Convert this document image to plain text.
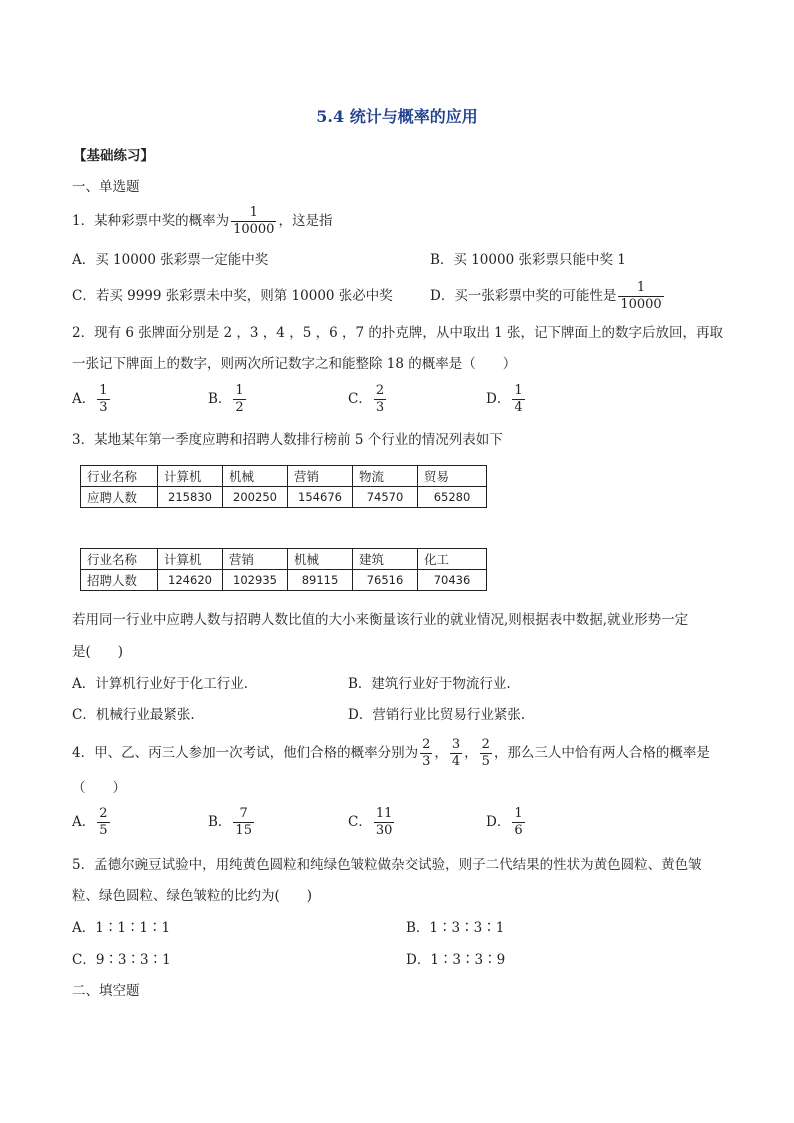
5.4 统计与概率的应用
【基础练习】
一、单选题
1．某种彩票中奖的概率为 $\frac{1}{10000}$ ，这是指
A．买 10000 张彩票一定能中奖	B．买 10000 张彩票只能中奖 1
C．若买 9999 张彩票未中奖，则第 10000 张必中奖	D．买一张彩票中奖的可能性是 $\frac{1}{10000}$
2．现有 6 张牌面分别是 2 ，3 ，4 ，5 ，6 ，7 的扑克牌，从中取出 1 张，记下牌面上的数字后放回，再取
一张记下牌面上的数字，则两次所记数字之和能整除 18 的概率是（　　）
A． $\frac{1}{3}$	B． $\frac{1}{2}$	C． $\frac{2}{3}$	D． $\frac{1}{4}$
3．某地某年第一季度应聘和招聘人数排行榜前 5 个行业的情况列表如下
行业名称	计算机	机械	营销	物流	贸易
应聘人数	215830	200250	154676	74570	65280
行业名称	计算机	营销	机械	建筑	化工
招聘人数	124620	102935	89115	76516	70436
若用同一行业中应聘人数与招聘人数比值的大小来衡量该行业的就业情况,则根据表中数据,就业形势一定
是(　　)
A．计算机行业好于化工行业.	B．建筑行业好于物流行业.
C．机械行业最紧张.	D．营销行业比贸易行业紧张.
4．甲、乙、丙三人参加一次考试，他们合格的概率分别为 $\frac{2}{3}$ ， $\frac{3}{4}$ ， $\frac{2}{5}$ ，那么三人中恰有两人合格的概率是
（　　）
A． $\frac{2}{5}$	B． $\frac{7}{15}$	C． $\frac{11}{30}$	D． $\frac{1}{6}$
5．孟德尔豌豆试验中，用纯黄色圆粒和纯绿色皱粒做杂交试验，则子二代结果的性状为黄色圆粒、黄色皱
粒、绿色圆粒、绿色皱粒的比约为(　　)
A．1∶1∶1∶1	B．1∶3∶3∶1
C．9∶3∶3∶1	D．1∶3∶3∶9
二、填空题
